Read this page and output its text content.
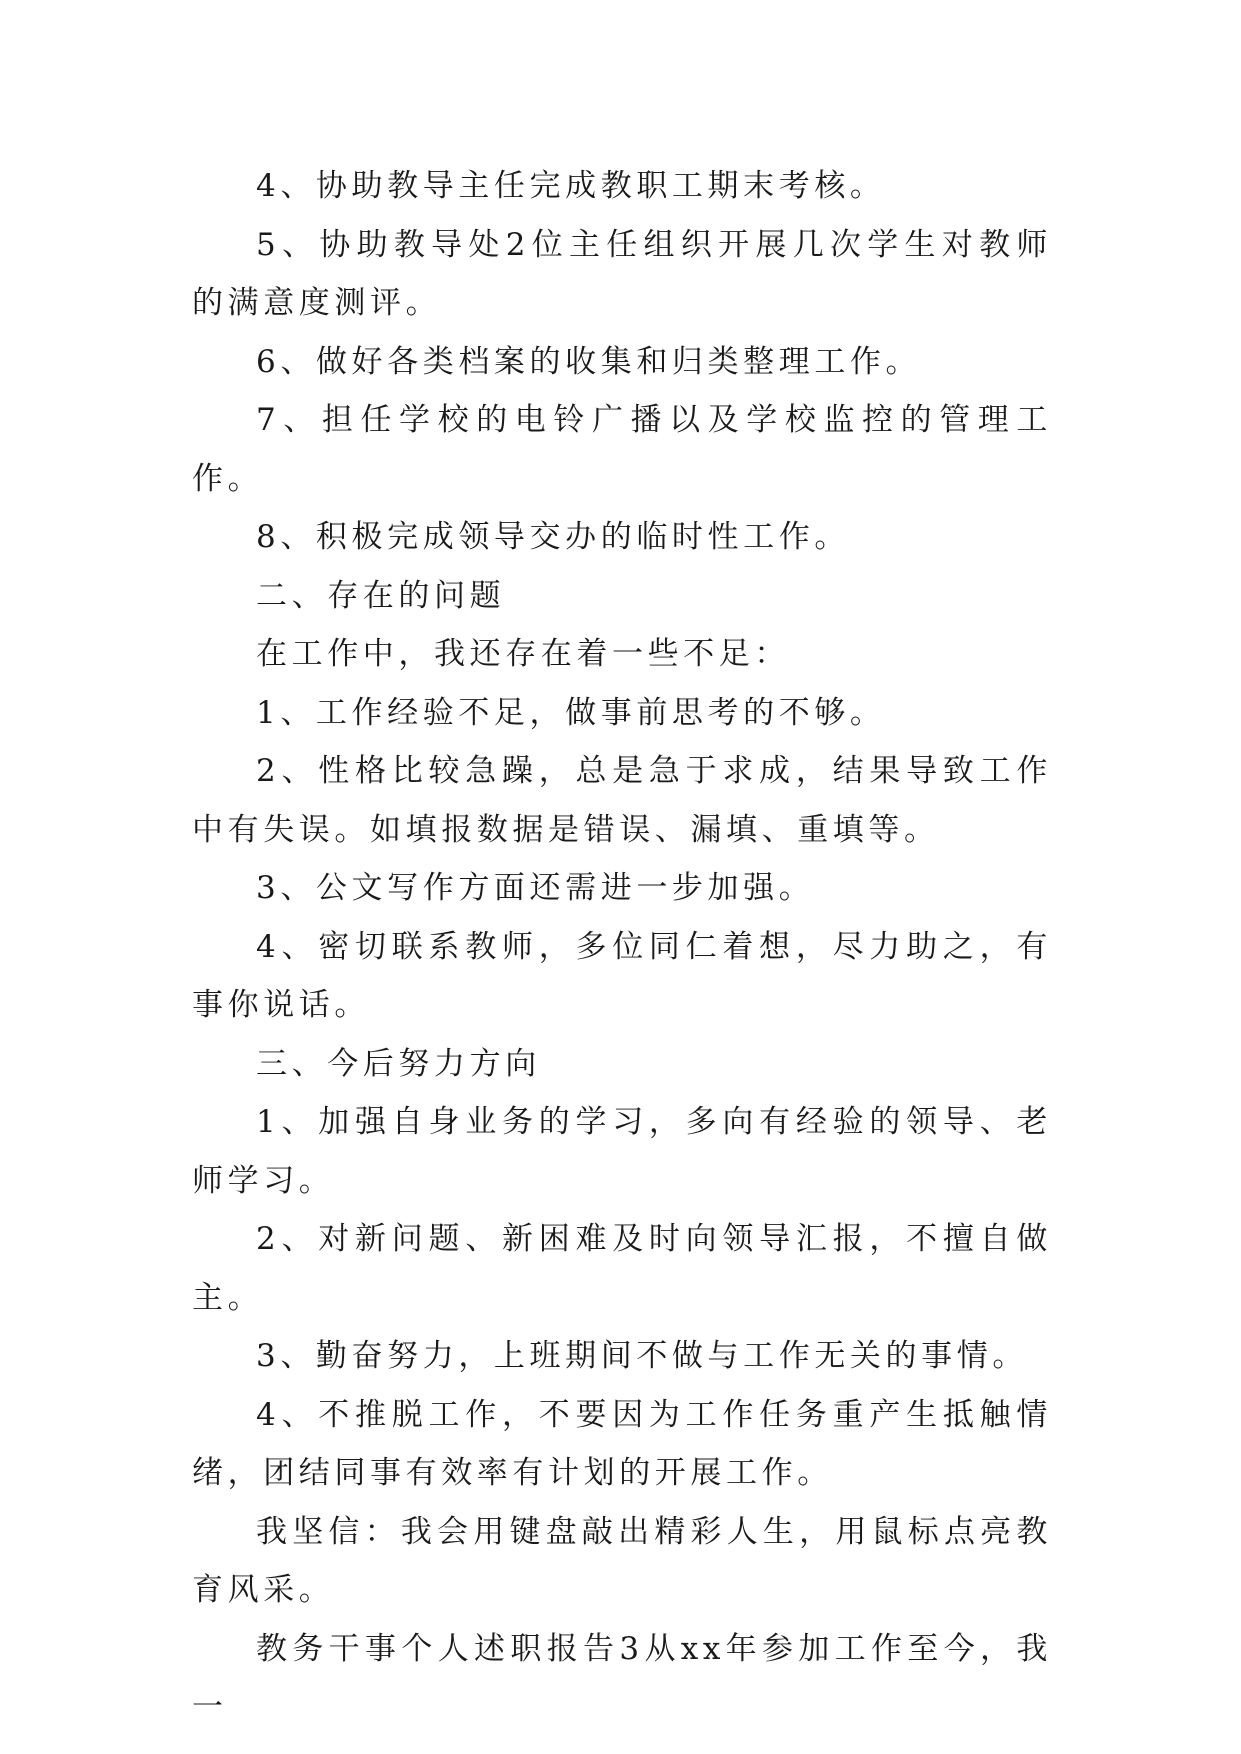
4、协助教导主任完成教职工期末考核。

5、协助教导处2位主任组织开展几次学生对教师的满意度测评。

6、做好各类档案的收集和归类整理工作。

7、担任学校的电铃广播以及学校监控的管理工作。

8、积极完成领导交办的临时性工作。

二、存在的问题

在工作中，我还存在着一些不足：

1、工作经验不足，做事前思考的不够。

2、性格比较急躁，总是急于求成，结果导致工作中有失误。如填报数据是错误、漏填、重填等。

3、公文写作方面还需进一步加强。

4、密切联系教师，多位同仁着想，尽力助之，有事你说话。

三、今后努力方向

1、加强自身业务的学习，多向有经验的领导、老师学习。

2、对新问题、新困难及时向领导汇报，不擅自做主。

3、勤奋努力，上班期间不做与工作无关的事情。

4、不推脱工作，不要因为工作任务重产生抵触情绪，团结同事有效率有计划的开展工作。

我坚信：我会用键盘敲出精彩人生，用鼠标点亮教育风采。

教务干事个人述职报告3从xx年参加工作至今，我一
